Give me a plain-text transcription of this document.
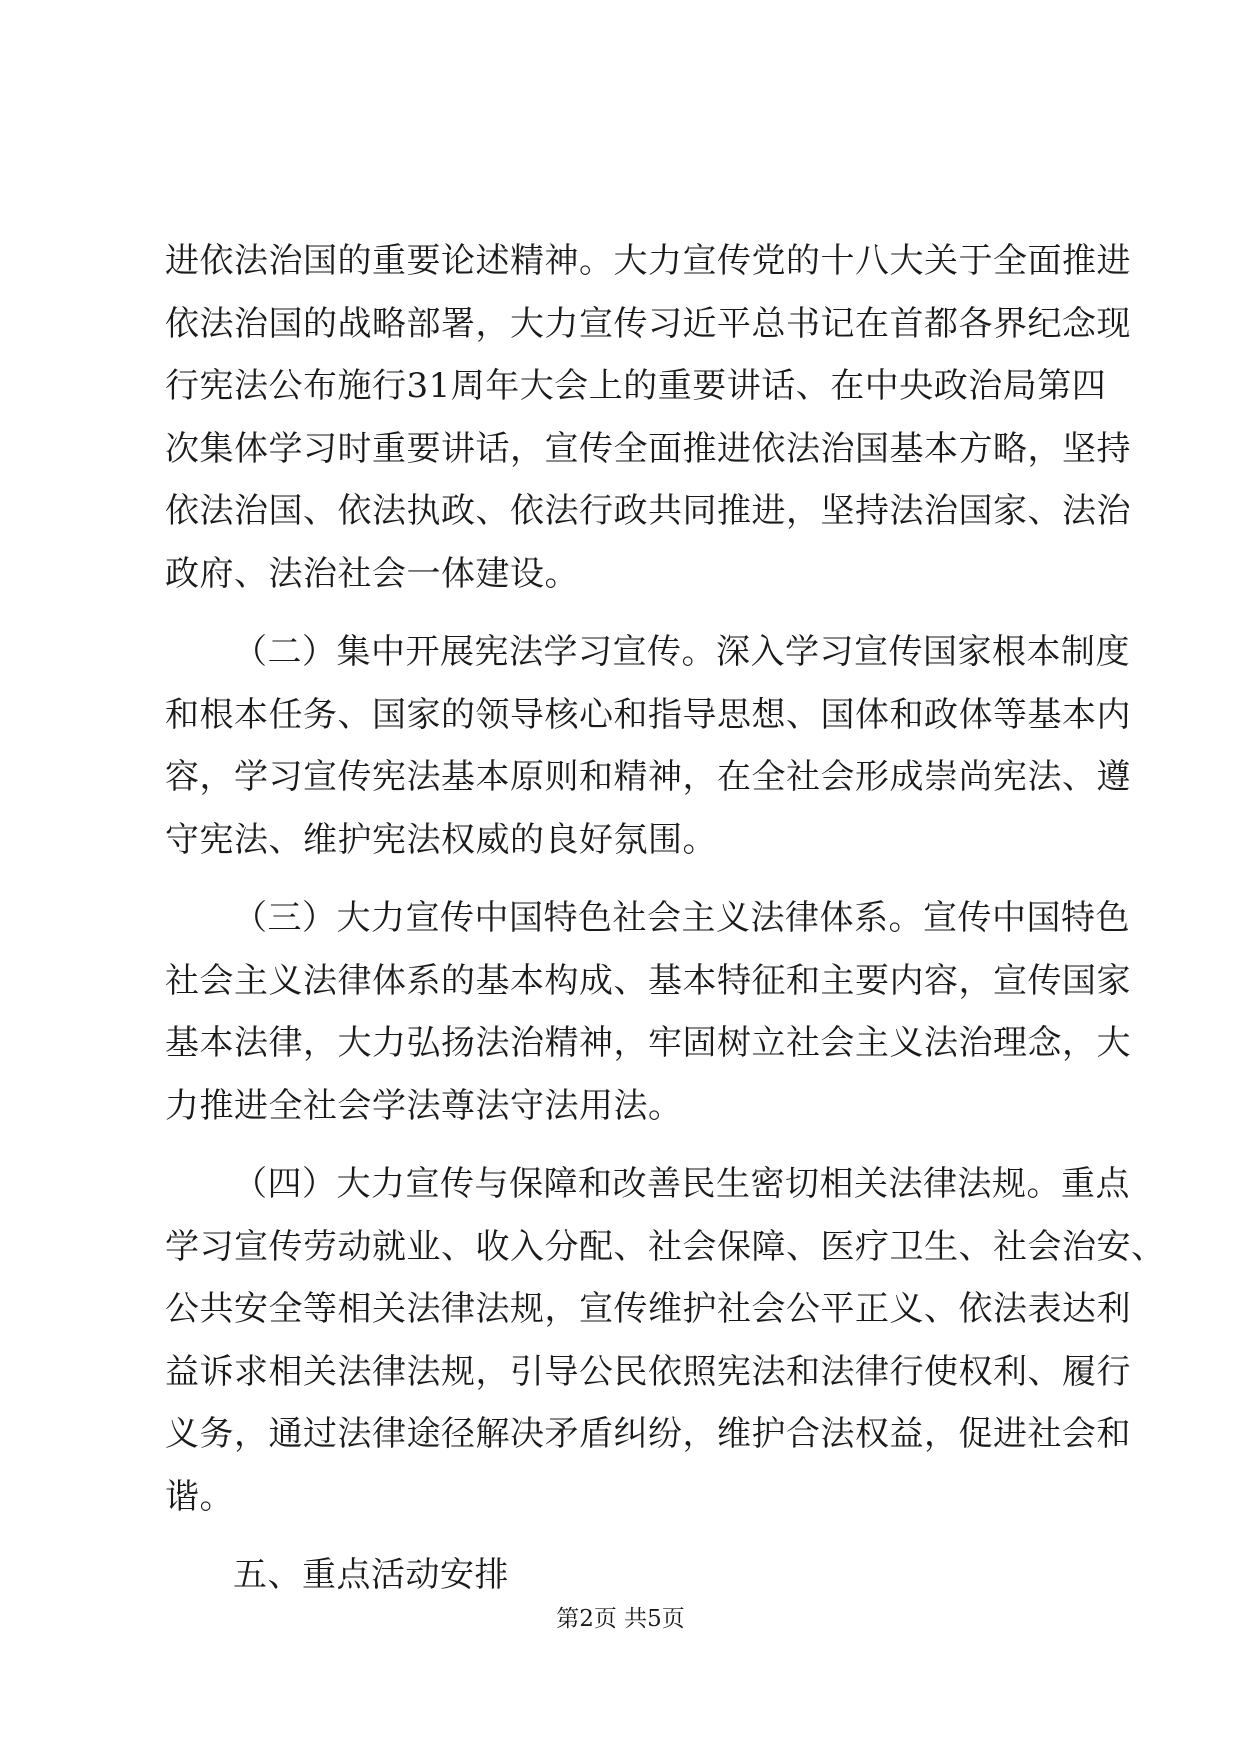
进依法治国的重要论述精神。大力宣传党的十八大关于全面推进
依法治国的战略部署，大力宣传习近平总书记在首都各界纪念现
行宪法公布施行31周年大会上的重要讲话、在中央政治局第四
次集体学习时重要讲话，宣传全面推进依法治国基本方略，坚持
依法治国、依法执政、依法行政共同推进，坚持法治国家、法治
政府、法治社会一体建设。
（二）集中开展宪法学习宣传。深入学习宣传国家根本制度
和根本任务、国家的领导核心和指导思想、国体和政体等基本内
容，学习宣传宪法基本原则和精神，在全社会形成崇尚宪法、遵
守宪法、维护宪法权威的良好氛围。
（三）大力宣传中国特色社会主义法律体系。宣传中国特色
社会主义法律体系的基本构成、基本特征和主要内容，宣传国家
基本法律，大力弘扬法治精神，牢固树立社会主义法治理念，大
力推进全社会学法尊法守法用法。
（四）大力宣传与保障和改善民生密切相关法律法规。重点
学习宣传劳动就业、收入分配、社会保障、医疗卫生、社会治安、
公共安全等相关法律法规，宣传维护社会公平正义、依法表达利
益诉求相关法律法规，引导公民依照宪法和法律行使权利、履行
义务，通过法律途径解决矛盾纠纷，维护合法权益，促进社会和
谐。
五、重点活动安排
第2页 共5页
